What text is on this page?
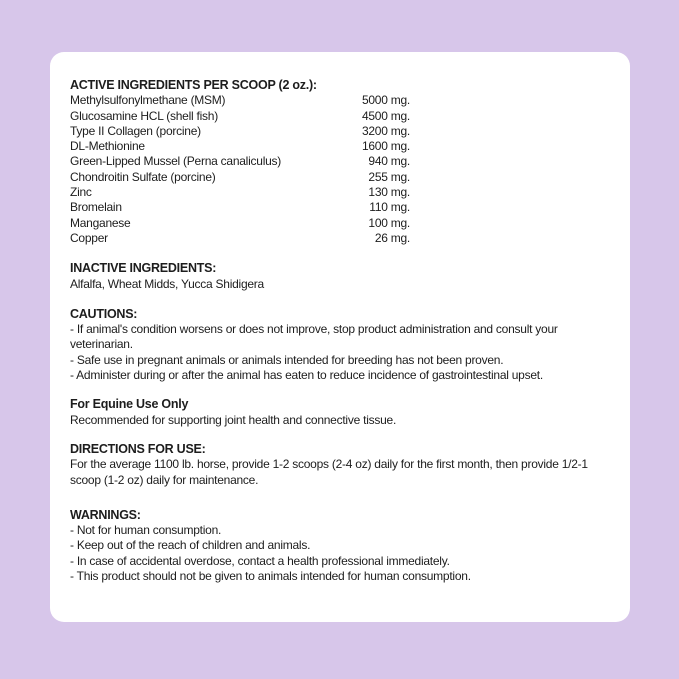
ACTIVE INGREDIENTS PER SCOOP (2 oz.):

Methylsulfonylmethane (MSM)	5000 mg.
Glucosamine HCL (shell fish)	4500 mg.
Type II Collagen (porcine)	3200 mg.
DL-Methionine	1600 mg.
Green-Lipped Mussel (Perna canaliculus)	940 mg.
Chondroitin Sulfate (porcine)	255 mg.
Zinc	130 mg.
Bromelain	110 mg.
Manganese	100 mg.
Copper	26 mg.

INACTIVE INGREDIENTS:

Alfalfa, Wheat Midds, Yucca Shidigera

CAUTIONS:

- If animal's condition worsens or does not improve, stop product administration and consult your veterinarian.

- Safe use in pregnant animals or animals intended for breeding has not been proven.

- Administer during or after the animal has eaten to reduce incidence of gastrointestinal upset.

For Equine Use Only

Recommended for supporting joint health and connective tissue.

DIRECTIONS FOR USE:

For the average 1100 lb. horse, provide 1-2 scoops (2-4 oz) daily for the first month, then provide 1/2-1 scoop (1-2 oz) daily for maintenance.

WARNINGS:

- Not for human consumption.

- Keep out of the reach of children and animals.

- In case of accidental overdose, contact a health professional immediately.

- This product should not be given to animals intended for human consumption.
